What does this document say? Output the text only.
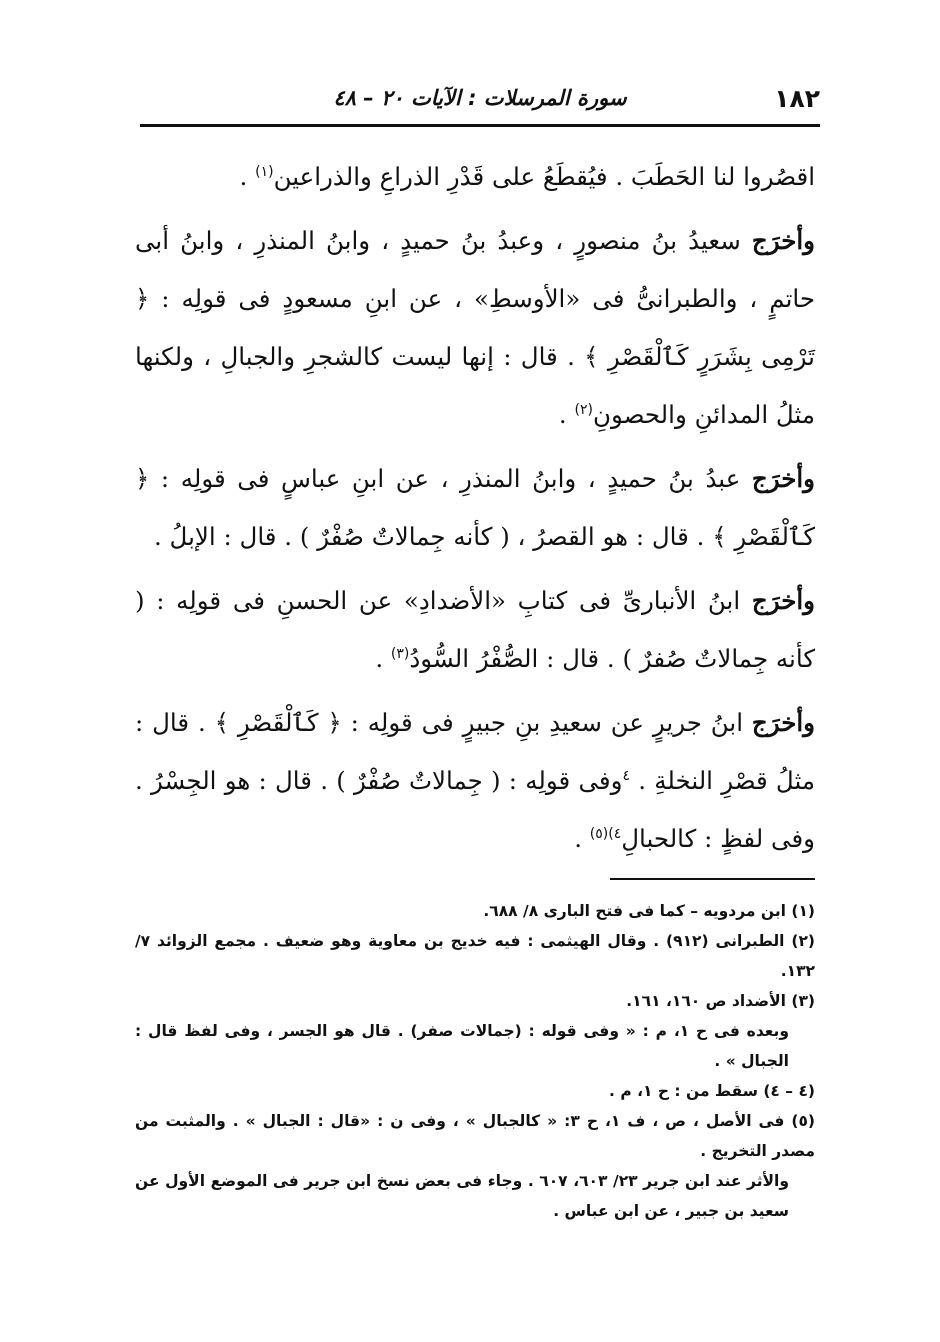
١٨٢
سورة المرسلات : الآيات ٢٠ – ٤٨

اقصُروا لنا الحَطَبَ . فيُقطَعُ على قَدْرِ الذراعِ والذراعين$^{(١)}$ .

وأخرَج سعيدُ بنُ منصورٍ ، وعبدُ بنُ حميدٍ ، وابنُ المنذرِ ، وابنُ أبى حاتمٍ ، والطبرانىُّ فى «الأوسطِ» ، عن ابنِ مسعودٍ فى قولِه : ﴿ تَرْمِى بِشَرَرٍ كَٱلْقَصْرِ ﴾ . قال : إنها ليست كالشجرِ والجبالِ ، ولكنها مثلُ المدائنِ والحصونِ$^{(٢)}$ .

وأخرَج عبدُ بنُ حميدٍ ، وابنُ المنذرِ ، عن ابنِ عباسٍ فى قولِه : ﴿ كَٱلْقَصْرِ ﴾ . قال : هو القصرُ ، ( كأنه جِمالاتٌ صُفْرٌ ) . قال : الإبلُ .

وأخرَج ابنُ الأنبارىِّ فى كتابِ «الأضدادِ» عن الحسنِ فى قولِه : ( كأنه جِمالاتٌ صُفرٌ ) . قال : الصُّفْرُ السُّودُ$^{(٣)}$ .

وأخرَج ابنُ جريرٍ عن سعيدِ بنِ جبيرٍ فى قولِه : ﴿ كَٱلْقَصْرِ ﴾ . قال : مثلُ قصْرِ النخلةِ . $^٤$وفى قولِه : ( جِمالاتٌ صُفْرٌ ) . قال : هو الجِسْرُ . وفى لفظٍ : كالحبالِ$^{٤)(٥)}$ .

(١) ابن مردويه – كما فى فتح البارى ٨/ ٦٨٨.

(٢) الطبرانى (٩١٢) . وقال الهيثمى : فيه خديج بن معاوية وهو ضعيف . مجمع الزوائد ٧/ ١٣٢.

(٣) الأضداد ص ١٦٠، ١٦١.

وبعده فى ح ١، م : « وفى قوله : (جمالات صفر) . قال هو الجسر ، وفى لفظ قال : الجبال » .

(٤ – ٤) سقط من : ح ١، م .

(٥) فى الأصل ، ص ، ف ١، ح ٣: « كالجبال » ، وفى ن : «قال : الجبال » . والمثبت من مصدر التخريج .

والأثر عند ابن جرير ٢٣/ ٦٠٣، ٦٠٧ . وجاء فى بعض نسخ ابن جرير فى الموضع الأول عن سعيد بن جبير ، عن ابن عباس .
